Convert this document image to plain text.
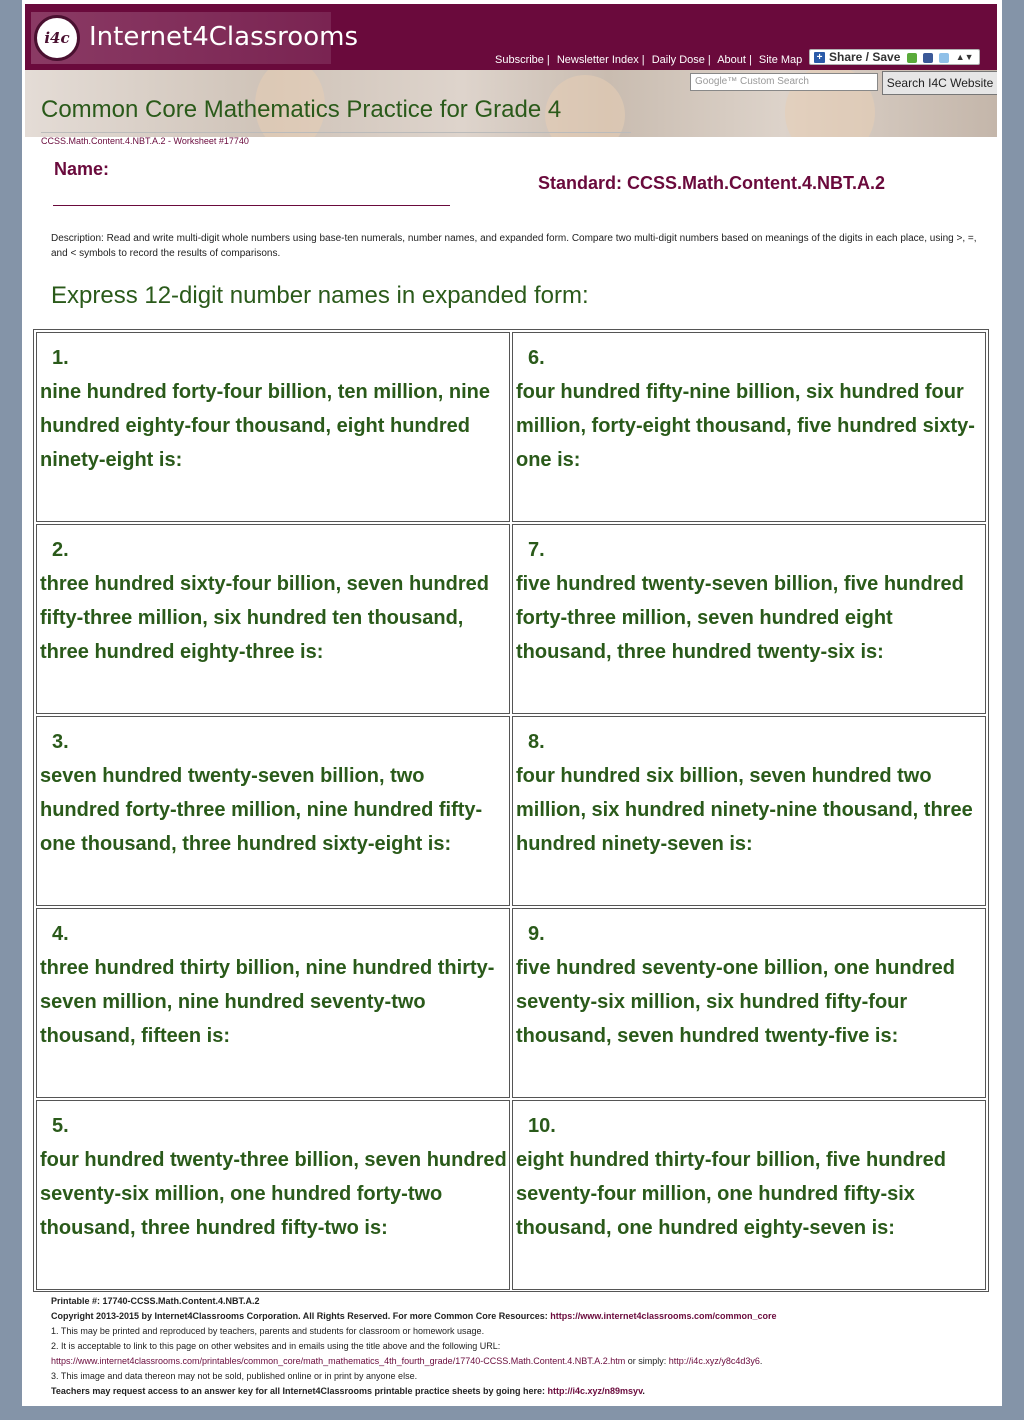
i4c Internet4Classrooms
Subscribe | Newsletter Index | Daily Dose | About | Site Map	+ Share / Save	▲▼
Common Core Mathematics Practice for Grade 4
Google™ Custom Search	Search I4C Website
CCSS.Math.Content.4.NBT.A.2 - Worksheet #17740
Name:
Standard: CCSS.Math.Content.4.NBT.A.2
Description: Read and write multi-digit whole numbers using base-ten numerals, number names, and expanded form. Compare two multi-digit numbers based on meanings of the digits in each place, using >, =, and < symbols to record the results of comparisons.
Express 12-digit number names in expanded form:
1.
nine hundred forty-four billion, ten million, nine hundred eighty-four thousand, eight hundred ninety-eight is:
6.
four hundred fifty-nine billion, six hundred four million, forty-eight thousand, five hundred sixty-one is:
2.
three hundred sixty-four billion, seven hundred fifty-three million, six hundred ten thousand, three hundred eighty-three is:
7.
five hundred twenty-seven billion, five hundred forty-three million, seven hundred eight thousand, three hundred twenty-six is:
3.
seven hundred twenty-seven billion, two hundred forty-three million, nine hundred fifty-one thousand, three hundred sixty-eight is:
8.
four hundred six billion, seven hundred two million, six hundred ninety-nine thousand, three hundred ninety-seven is:
4.
three hundred thirty billion, nine hundred thirty-seven million, nine hundred seventy-two thousand, fifteen is:
9.
five hundred seventy-one billion, one hundred seventy-six million, six hundred fifty-four thousand, seven hundred twenty-five is:
5.
four hundred twenty-three billion, seven hundred seventy-six million, one hundred forty-two thousand, three hundred fifty-two is:
10.
eight hundred thirty-four billion, five hundred seventy-four million, one hundred fifty-six thousand, one hundred eighty-seven is:
Printable #: 17740-CCSS.Math.Content.4.NBT.A.2
Copyright 2013-2015 by Internet4Classrooms Corporation. All Rights Reserved. For more Common Core Resources: https://www.internet4classrooms.com/common_core
1. This may be printed and reproduced by teachers, parents and students for classroom or homework usage.
2. It is acceptable to link to this page on other websites and in emails using the title above and the following URL:
https://www.internet4classrooms.com/printables/common_core/math_mathematics_4th_fourth_grade/17740-CCSS.Math.Content.4.NBT.A.2.htm or simply: http://i4c.xyz/y8c4d3y6.
3. This image and data thereon may not be sold, published online or in print by anyone else.
Teachers may request access to an answer key for all Internet4Classrooms printable practice sheets by going here: http://i4c.xyz/n89msyv.
